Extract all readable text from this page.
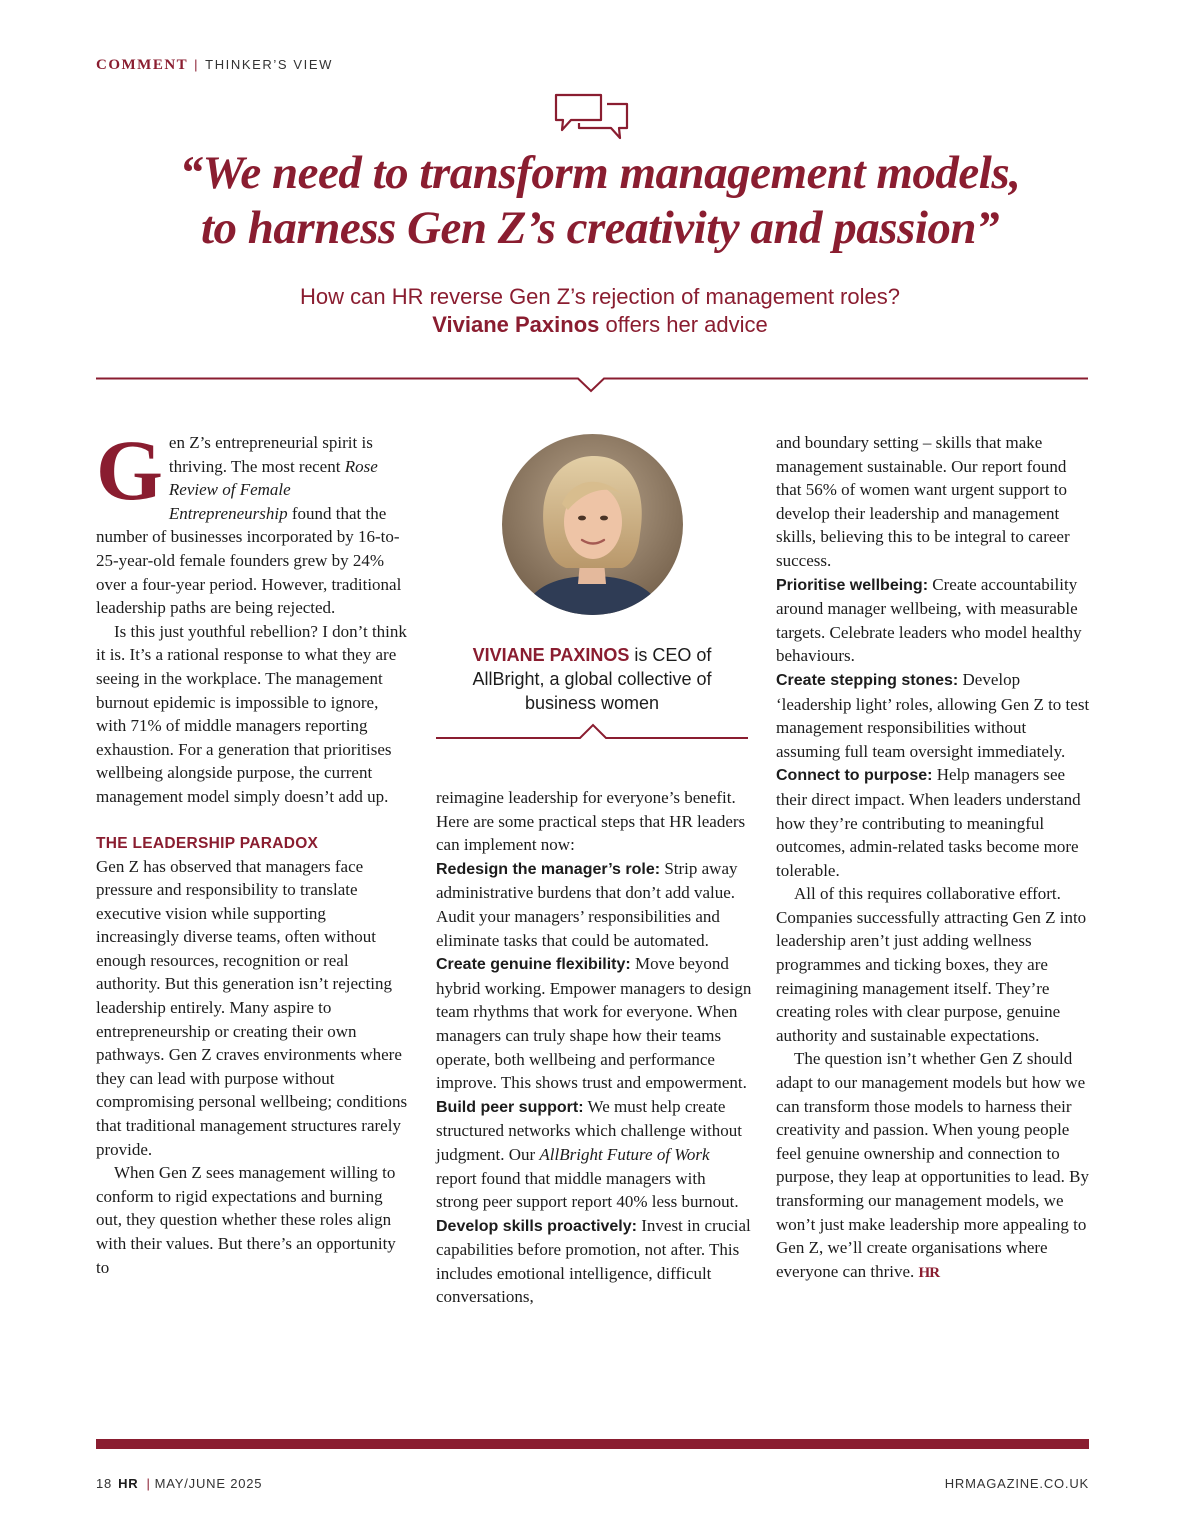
COMMENT | THINKER’S VIEW
“We need to transform management models,
to harness Gen Z’s creativity and passion”
How can HR reverse Gen Z’s rejection of management roles?
Viviane Paxinos offers her advice
VIVIANE PAXINOS is CEO of AllBright, a global collective of business women

Gen Z’s entrepreneurial spirit is thriving. The most recent Rose Review of Female Entrepreneurship found that the number of businesses incorporated by 16-to-25-year-old female founders grew by 24% over a four-year period. However, traditional leadership paths are being rejected.

Is this just youthful rebellion? I don’t think it is. It’s a rational response to what they are seeing in the workplace. The management burnout epidemic is impossible to ignore, with 71% of middle managers reporting exhaustion. For a generation that prioritises wellbeing alongside purpose, the current management model simply doesn’t add up.

THE LEADERSHIP PARADOX

Gen Z has observed that managers face pressure and responsibility to translate executive vision while supporting increasingly diverse teams, often without enough resources, recognition or real authority. But this generation isn’t rejecting leadership entirely. Many aspire to entrepreneurship or creating their own pathways. Gen Z craves environments where they can lead with purpose without compromising personal wellbeing; conditions that traditional management structures rarely provide.

When Gen Z sees management willing to conform to rigid expectations and burning out, they question whether these roles align with their values. But there’s an opportunity to

reimagine leadership for everyone’s benefit. Here are some practical steps that HR leaders can implement now:

Redesign the manager’s role: Strip away administrative burdens that don’t add value. Audit your managers’ responsibilities and eliminate tasks that could be automated.

Create genuine flexibility: Move beyond hybrid working. Empower managers to design team rhythms that work for everyone. When managers can truly shape how their teams operate, both wellbeing and performance improve. This shows trust and empowerment.

Build peer support: We must help create structured networks which challenge without judgment. Our AllBright Future of Work report found that middle managers with strong peer support report 40% less burnout.

Develop skills proactively: Invest in crucial capabilities before promotion, not after. This includes emotional intelligence, difficult conversations,

and boundary setting – skills that make management sustainable. Our report found that 56% of women want urgent support to develop their leadership and management skills, believing this to be integral to career success.

Prioritise wellbeing: Create accountability around manager wellbeing, with measurable targets. Celebrate leaders who model healthy behaviours.

Create stepping stones: Develop ‘leadership light’ roles, allowing Gen Z to test management responsibilities without assuming full team oversight immediately.

Connect to purpose: Help managers see their direct impact. When leaders understand how they’re contributing to meaningful outcomes, admin-related tasks become more tolerable.

All of this requires collaborative effort. Companies successfully attracting Gen Z into leadership aren’t just adding wellness programmes and ticking boxes, they are reimagining management itself. They’re creating roles with clear purpose, genuine authority and sustainable expectations.

The question isn’t whether Gen Z should adapt to our management models but how we can transform those models to harness their creativity and passion. When young people feel genuine ownership and connection to purpose, they leap at opportunities to lead. By transforming our management models, we won’t just make leadership more appealing to Gen Z, we’ll create organisations where everyone can thrive. HR

18 HR | MAY/JUNE 2025	HRMAGAZINE.CO.UK
